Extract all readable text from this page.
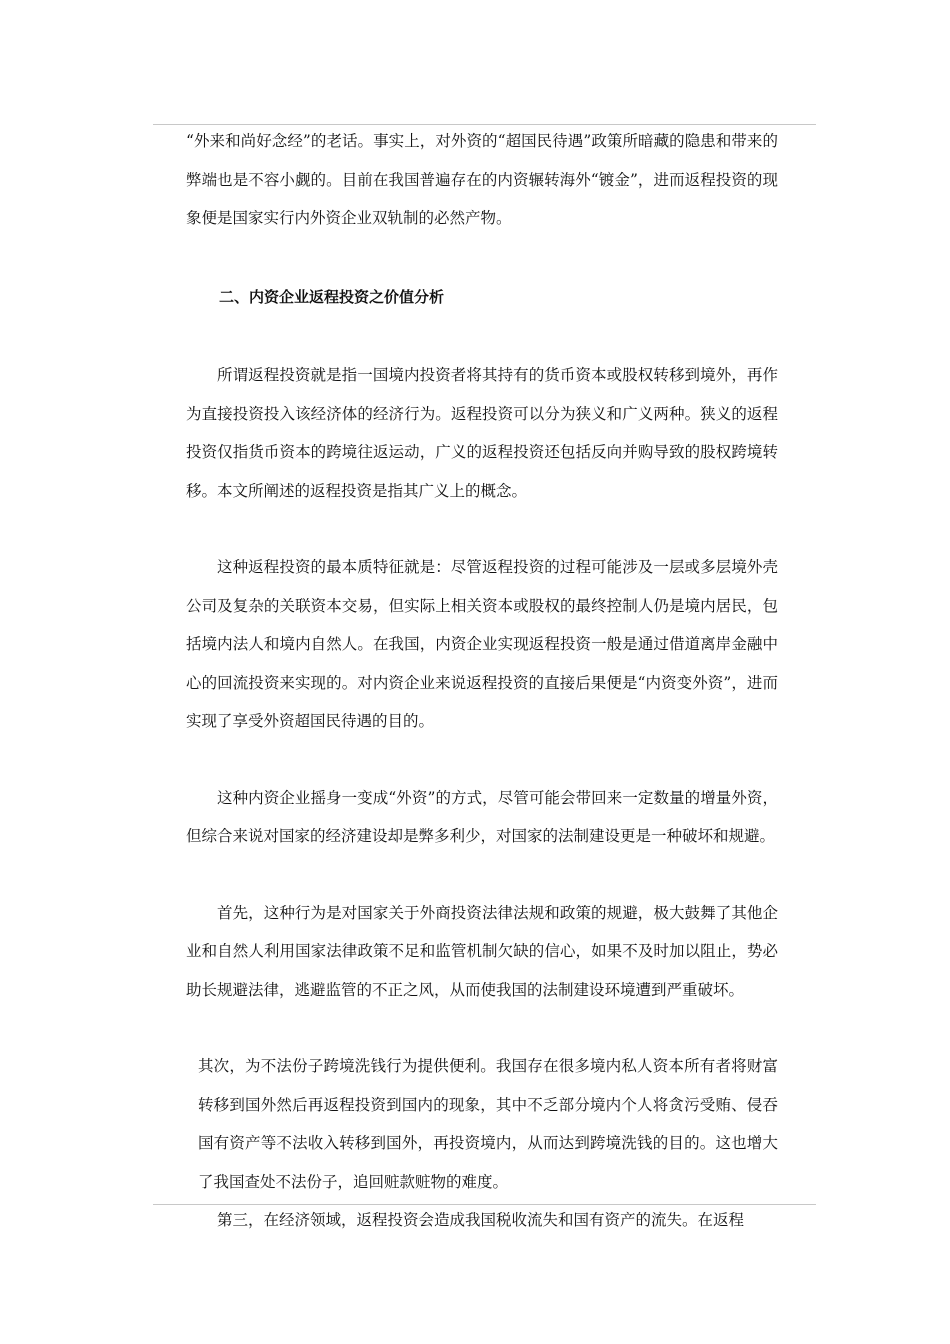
“外来和尚好念经”的老话。事实上，对外资的“超国民待遇”政策所暗藏的隐患和带来的弊端也是不容小觑的。目前在我国普遍存在的内资辗转海外“镀金”，进而返程投资的现象便是国家实行内外资企业双轨制的必然产物。

二、内资企业返程投资之价值分析

所谓返程投资就是指一国境内投资者将其持有的货币资本或股权转移到境外，再作为直接投资投入该经济体的经济行为。返程投资可以分为狭义和广义两种。狭义的返程投资仅指货币资本的跨境往返运动，广义的返程投资还包括反向并购导致的股权跨境转移。本文所阐述的返程投资是指其广义上的概念。

这种返程投资的最本质特征就是：尽管返程投资的过程可能涉及一层或多层境外壳公司及复杂的关联资本交易，但实际上相关资本或股权的最终控制人仍是境内居民，包括境内法人和境内自然人。在我国，内资企业实现返程投资一般是通过借道离岸金融中心的回流投资来实现的。对内资企业来说返程投资的直接后果便是“内资变外资”，进而实现了享受外资超国民待遇的目的。

这种内资企业摇身一变成“外资”的方式，尽管可能会带回来一定数量的增量外资，但综合来说对国家的经济建设却是弊多利少，对国家的法制建设更是一种破坏和规避。

首先，这种行为是对国家关于外商投资法律法规和政策的规避，极大鼓舞了其他企业和自然人利用国家法律政策不足和监管机制欠缺的信心，如果不及时加以阻止，势必助长规避法律，逃避监管的不正之风，从而使我国的法制建设环境遭到严重破坏。

其次，为不法份子跨境洗钱行为提供便利。我国存在很多境内私人资本所有者将财富转移到国外然后再返程投资到国内的现象，其中不乏部分境内个人将贪污受贿、侵吞国有资产等不法收入转移到国外，再投资境内，从而达到跨境洗钱的目的。这也增大了我国查处不法份子，追回赃款赃物的难度。

第三，在经济领域，返程投资会造成我国税收流失和国有资产的流失。在返程
